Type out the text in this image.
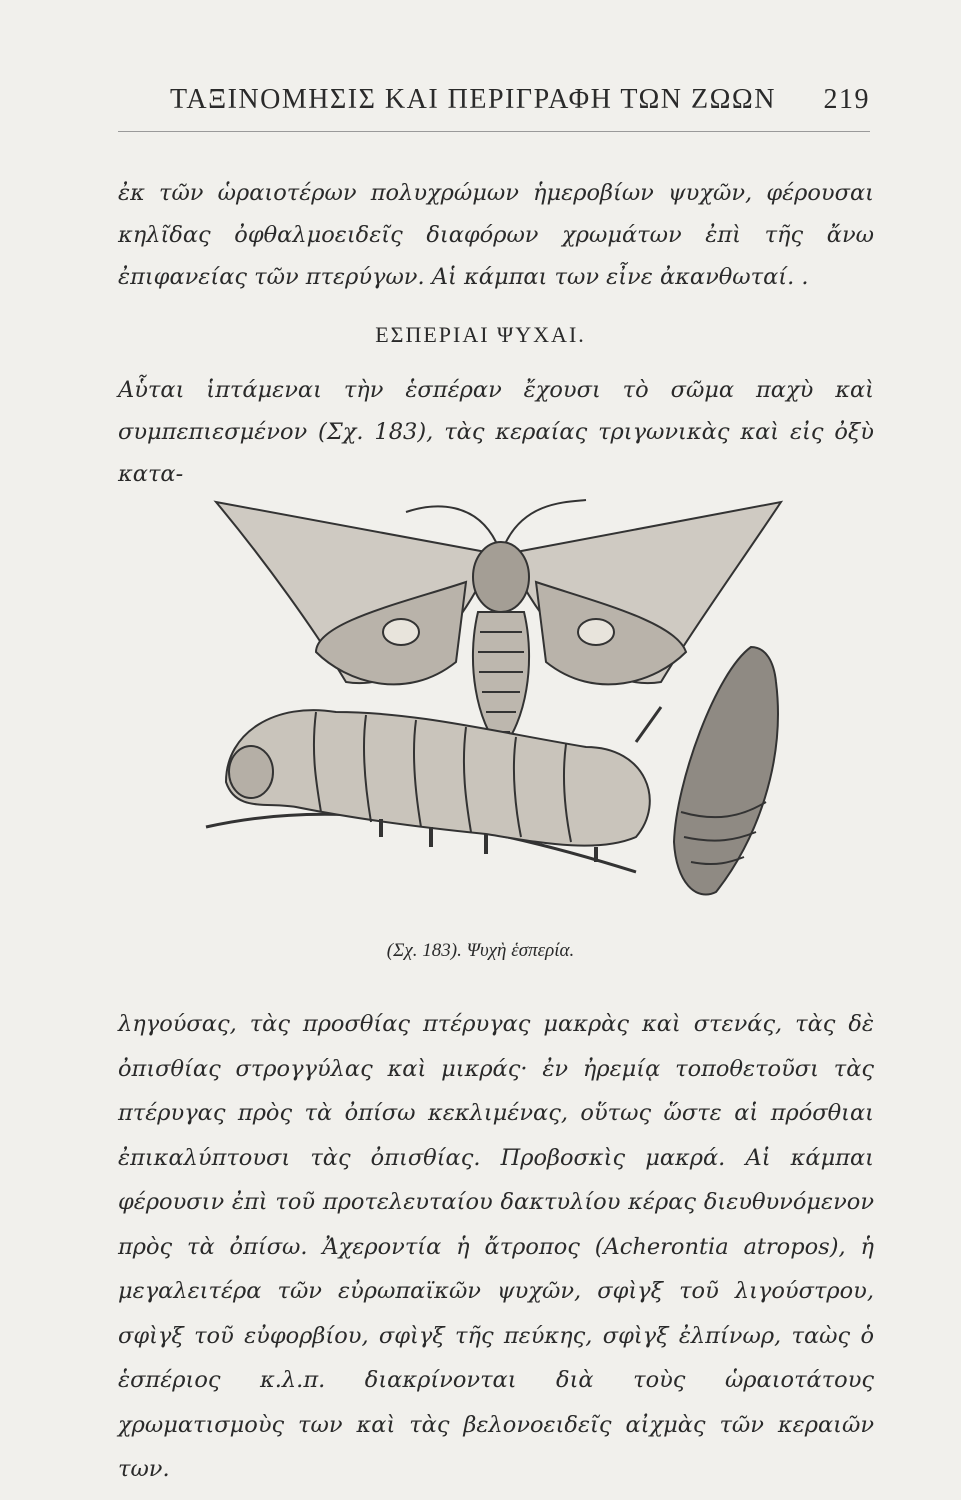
ΤΑΞΙΝΟΜΗΣΙΣ ΚΑΙ ΠΕΡΙΓΡΑΦΗ ΤΩΝ ΖΩΩΝ 219
ἐκ τῶν ὡραιοτέρων πολυχρώμων ἡμεροβίων ψυχῶν, φέρουσαι κηλῖδας ὀφθαλμοειδεῖς διαφόρων χρωμάτων ἐπὶ τῆς ἄνω ἐπιφανείας τῶν πτερύγων. Αἱ κάμπαι των εἶνε ἀκανθωταί. .
ΕΣΠΕΡΙΑΙ ΨΥΧΑΙ.
Αὗται ἱπτάμεναι τὴν ἑσπέραν ἔχουσι τὸ σῶμα παχὺ καὶ συμπεπιεσμένον (Σχ. 183), τὰς κεραίας τριγωνικὰς καὶ εἰς ὀξὺ κατα-
(Σχ. 183). Ψυχὴ ἑσπερία.
ληγούσας, τὰς προσθίας πτέρυγας μακρὰς καὶ στενάς, τὰς δὲ ὀπισθίας στρογγύλας καὶ μικράς· ἐν ἠρεμίᾳ τοποθετοῦσι τὰς πτέρυγας πρὸς τὰ ὀπίσω κεκλιμένας, οὕτως ὥστε αἱ πρόσθιαι ἐπικαλύπτουσι τὰς ὀπισθίας. Προβοσκὶς μακρά. Αἱ κάμπαι φέρουσιν ἐπὶ τοῦ προτελευταίου δακτυλίου κέρας διευθυνόμενον πρὸς τὰ ὀπίσω. Ἀχεροντία ἡ ἄτροπος (Acherontia atropos), ἡ μεγαλειτέρα τῶν εὐρωπαϊκῶν ψυχῶν, σφὶγξ τοῦ λιγούστρου, σφὶγξ τοῦ εὐφορβίου, σφὶγξ τῆς πεύκης, σφὶγξ ἐλπίνωρ, ταὼς ὁ ἑσπέριος κ.λ.π. διακρίνονται διὰ τοὺς ὡραιοτάτους χρωματισμοὺς των καὶ τὰς βελονοειδεῖς αἰχμὰς τῶν κεραιῶν των.
